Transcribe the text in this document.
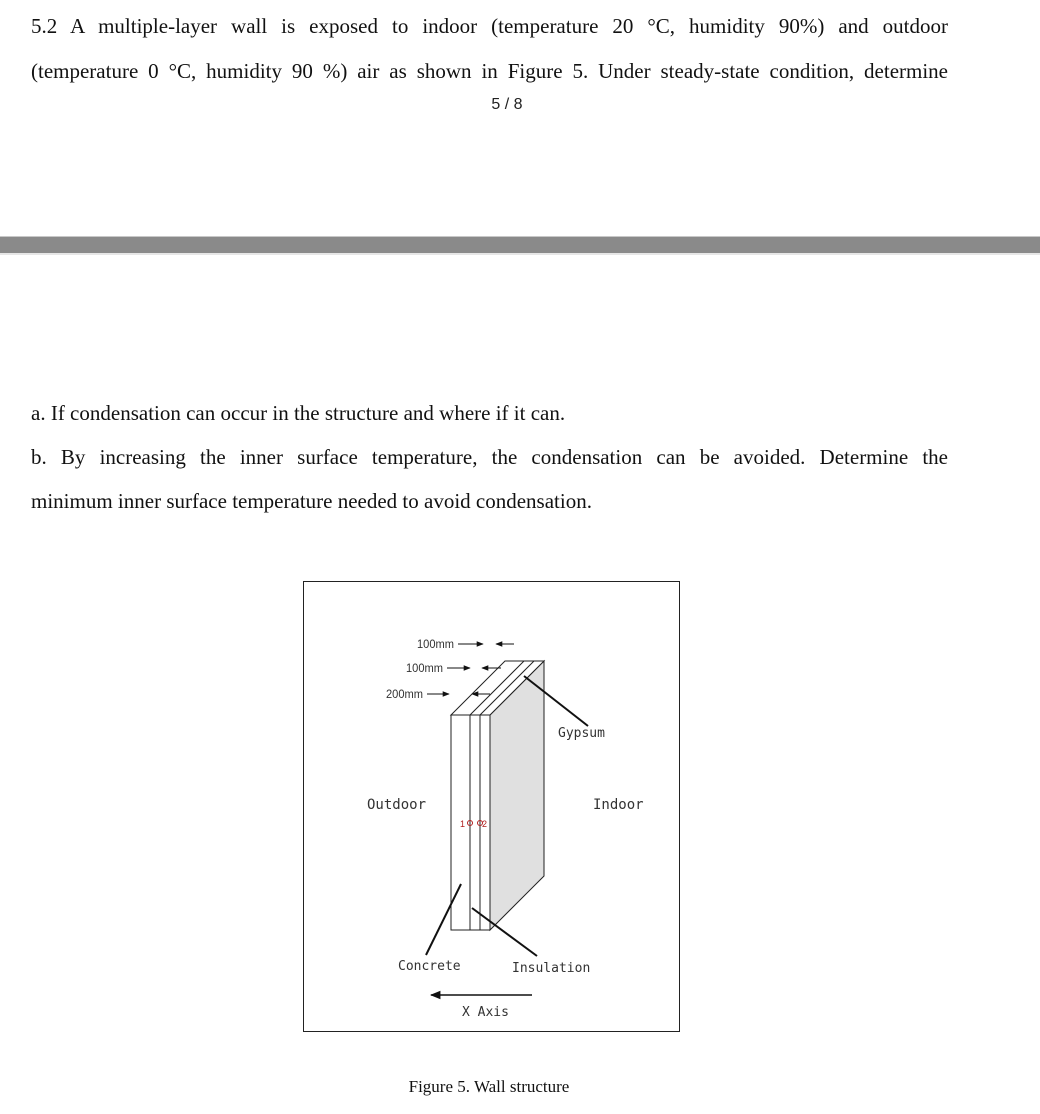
5.2 A multiple-layer wall is exposed to indoor (temperature 20 °C, humidity 90%) and outdoor

(temperature 0 °C, humidity 90 %) air as shown in Figure 5. Under steady-state condition, determine

5 / 8

a. If condensation can occur in the structure and where if it can.

b. By increasing the inner surface temperature, the condensation can be avoided. Determine the

minimum inner surface temperature needed to avoid condensation.

1 2
100mm
100mm
200mm
Gypsum
Outdoor	Indoor
Concrete	Insulation
X Axis
Figure 5. Wall structure
